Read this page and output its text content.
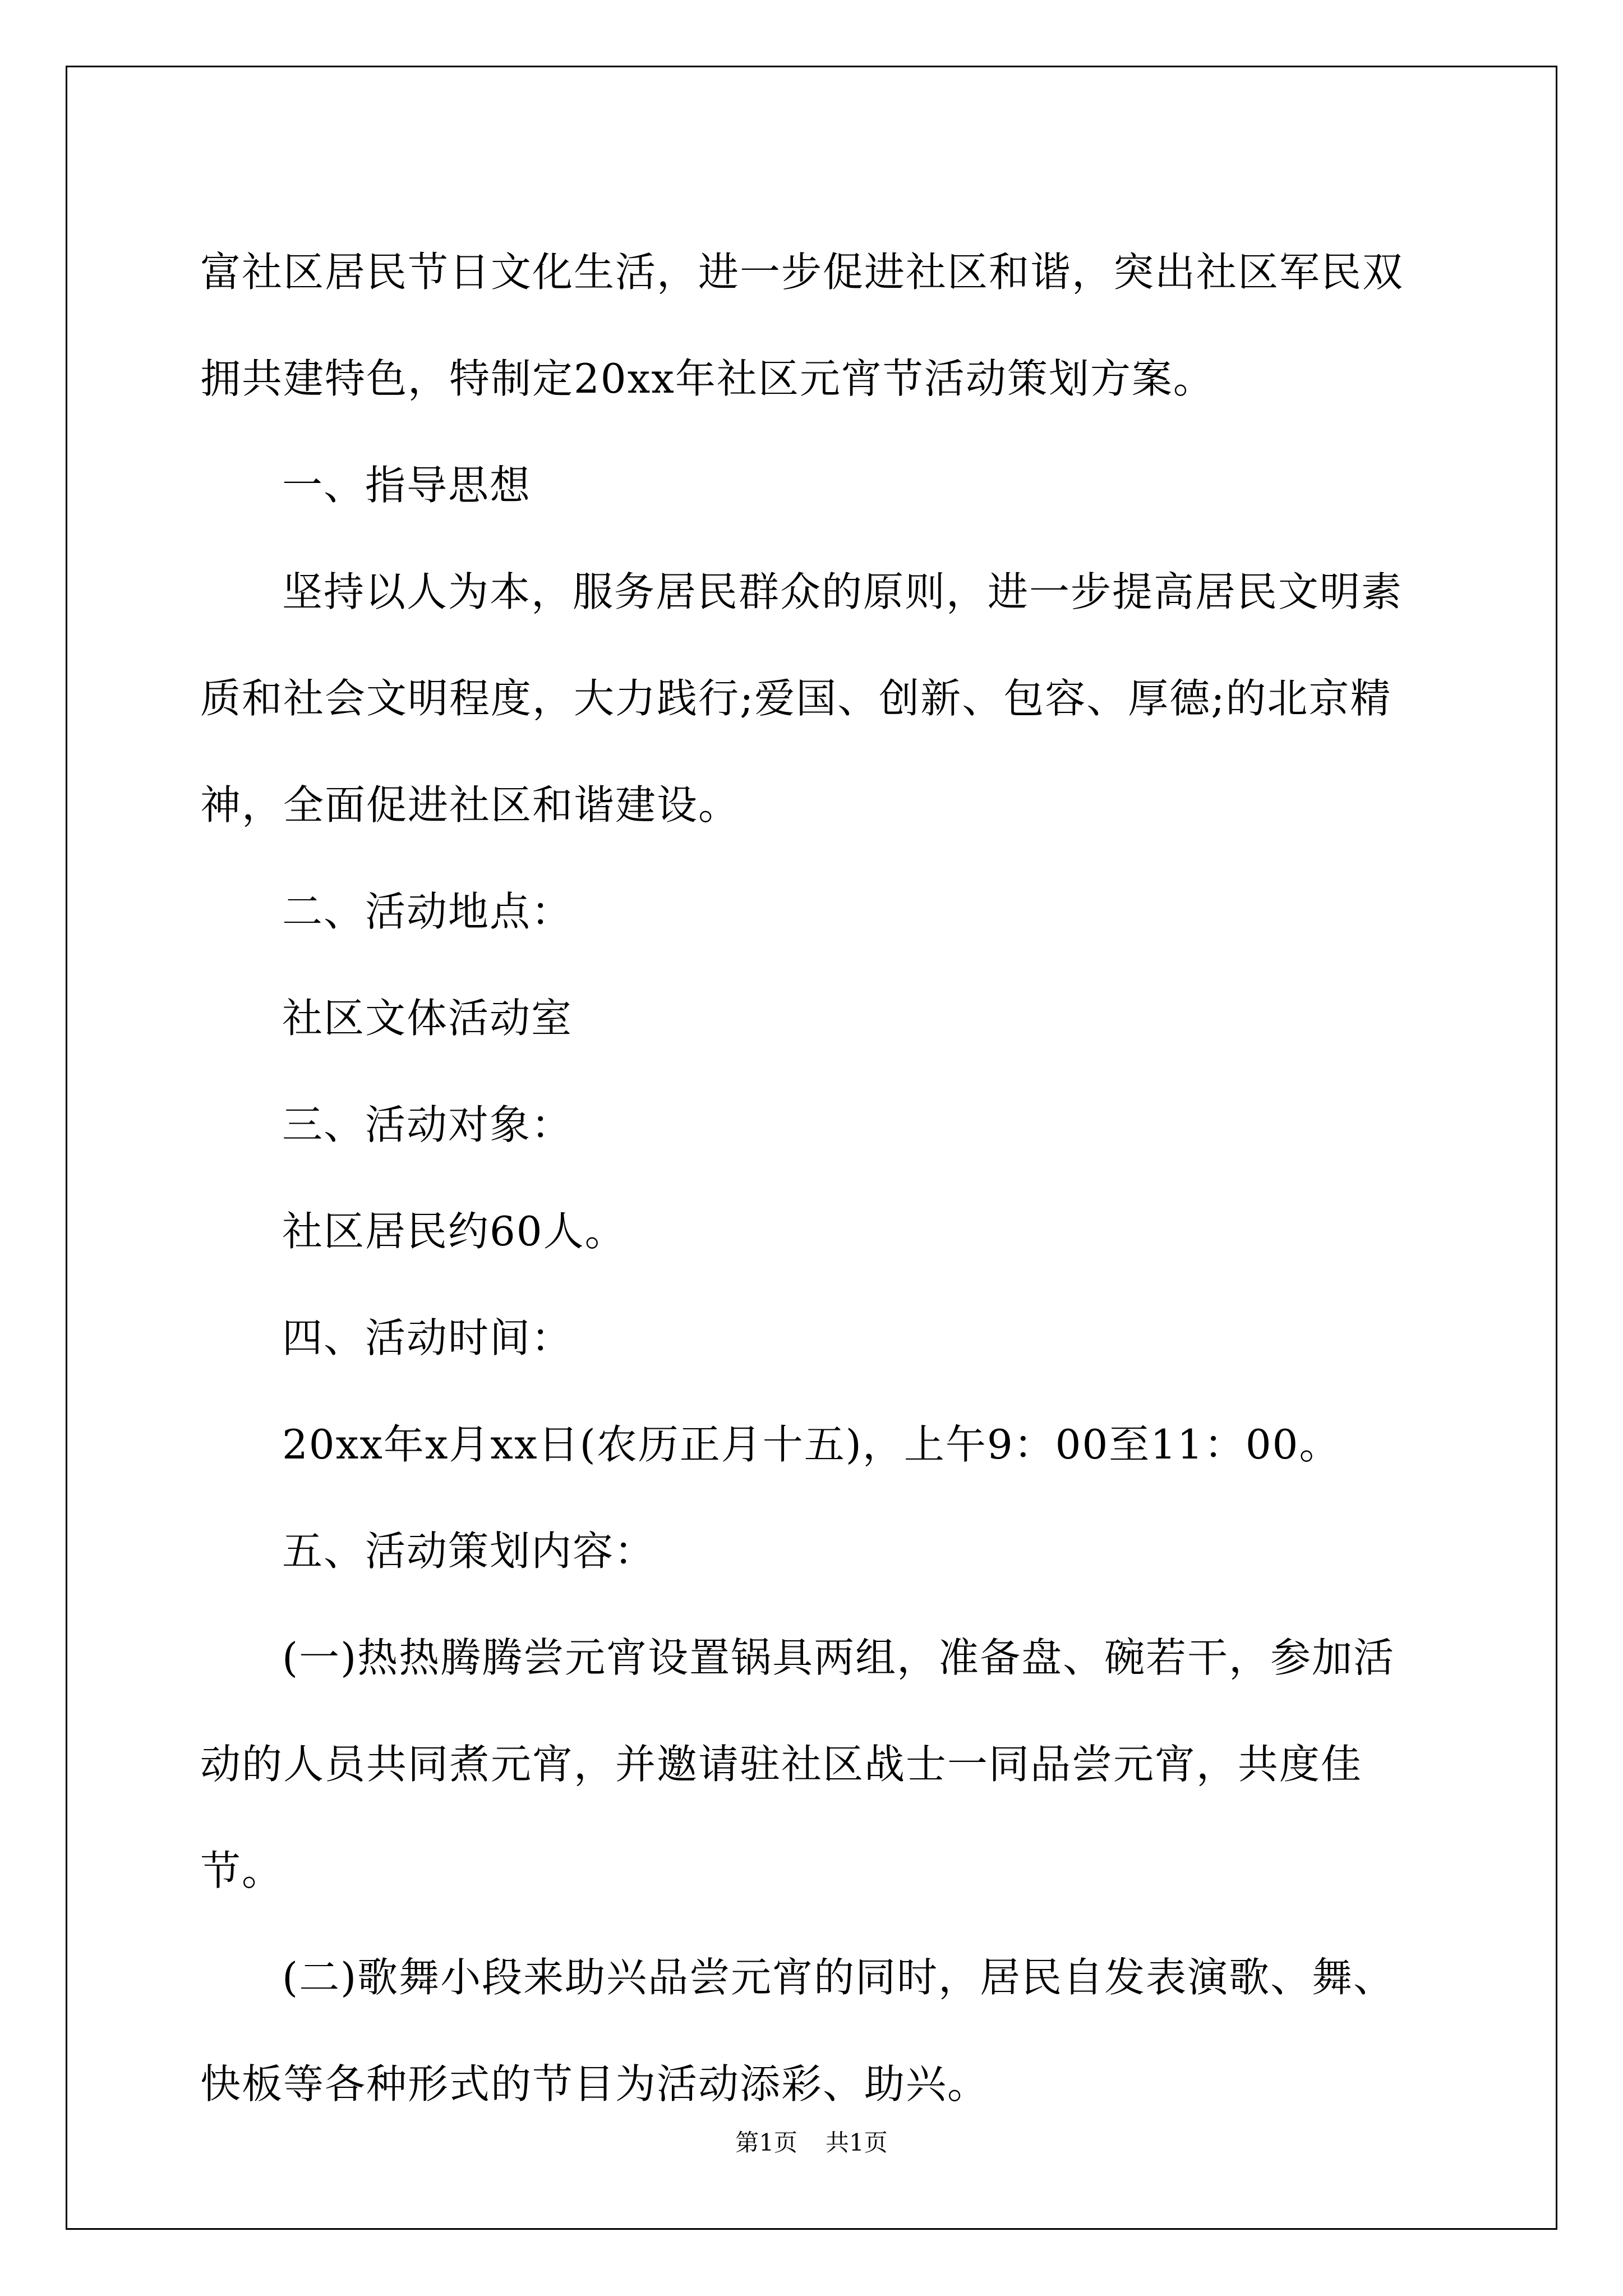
富社区居民节日文化生活，进一步促进社区和谐，突出社区军民双拥共建特色，特制定20xx年社区元宵节活动策划方案。

一、指导思想

坚持以人为本，服务居民群众的原则，进一步提高居民文明素质和社会文明程度，大力践行;爱国、创新、包容、厚德;的北京精神，全面促进社区和谐建设。

二、活动地点：

社区文体活动室

三、活动对象：

社区居民约60人。

四、活动时间：

20xx年x月xx日(农历正月十五)，上午9：00至11：00。

五、活动策划内容：

(一)热热腾腾尝元宵设置锅具两组，准备盘、碗若干，参加活动的人员共同煮元宵，并邀请驻社区战士一同品尝元宵，共度佳节。

(二)歌舞小段来助兴品尝元宵的同时，居民自发表演歌、舞、快板等各种形式的节目为活动添彩、助兴。

第1页 共1页
